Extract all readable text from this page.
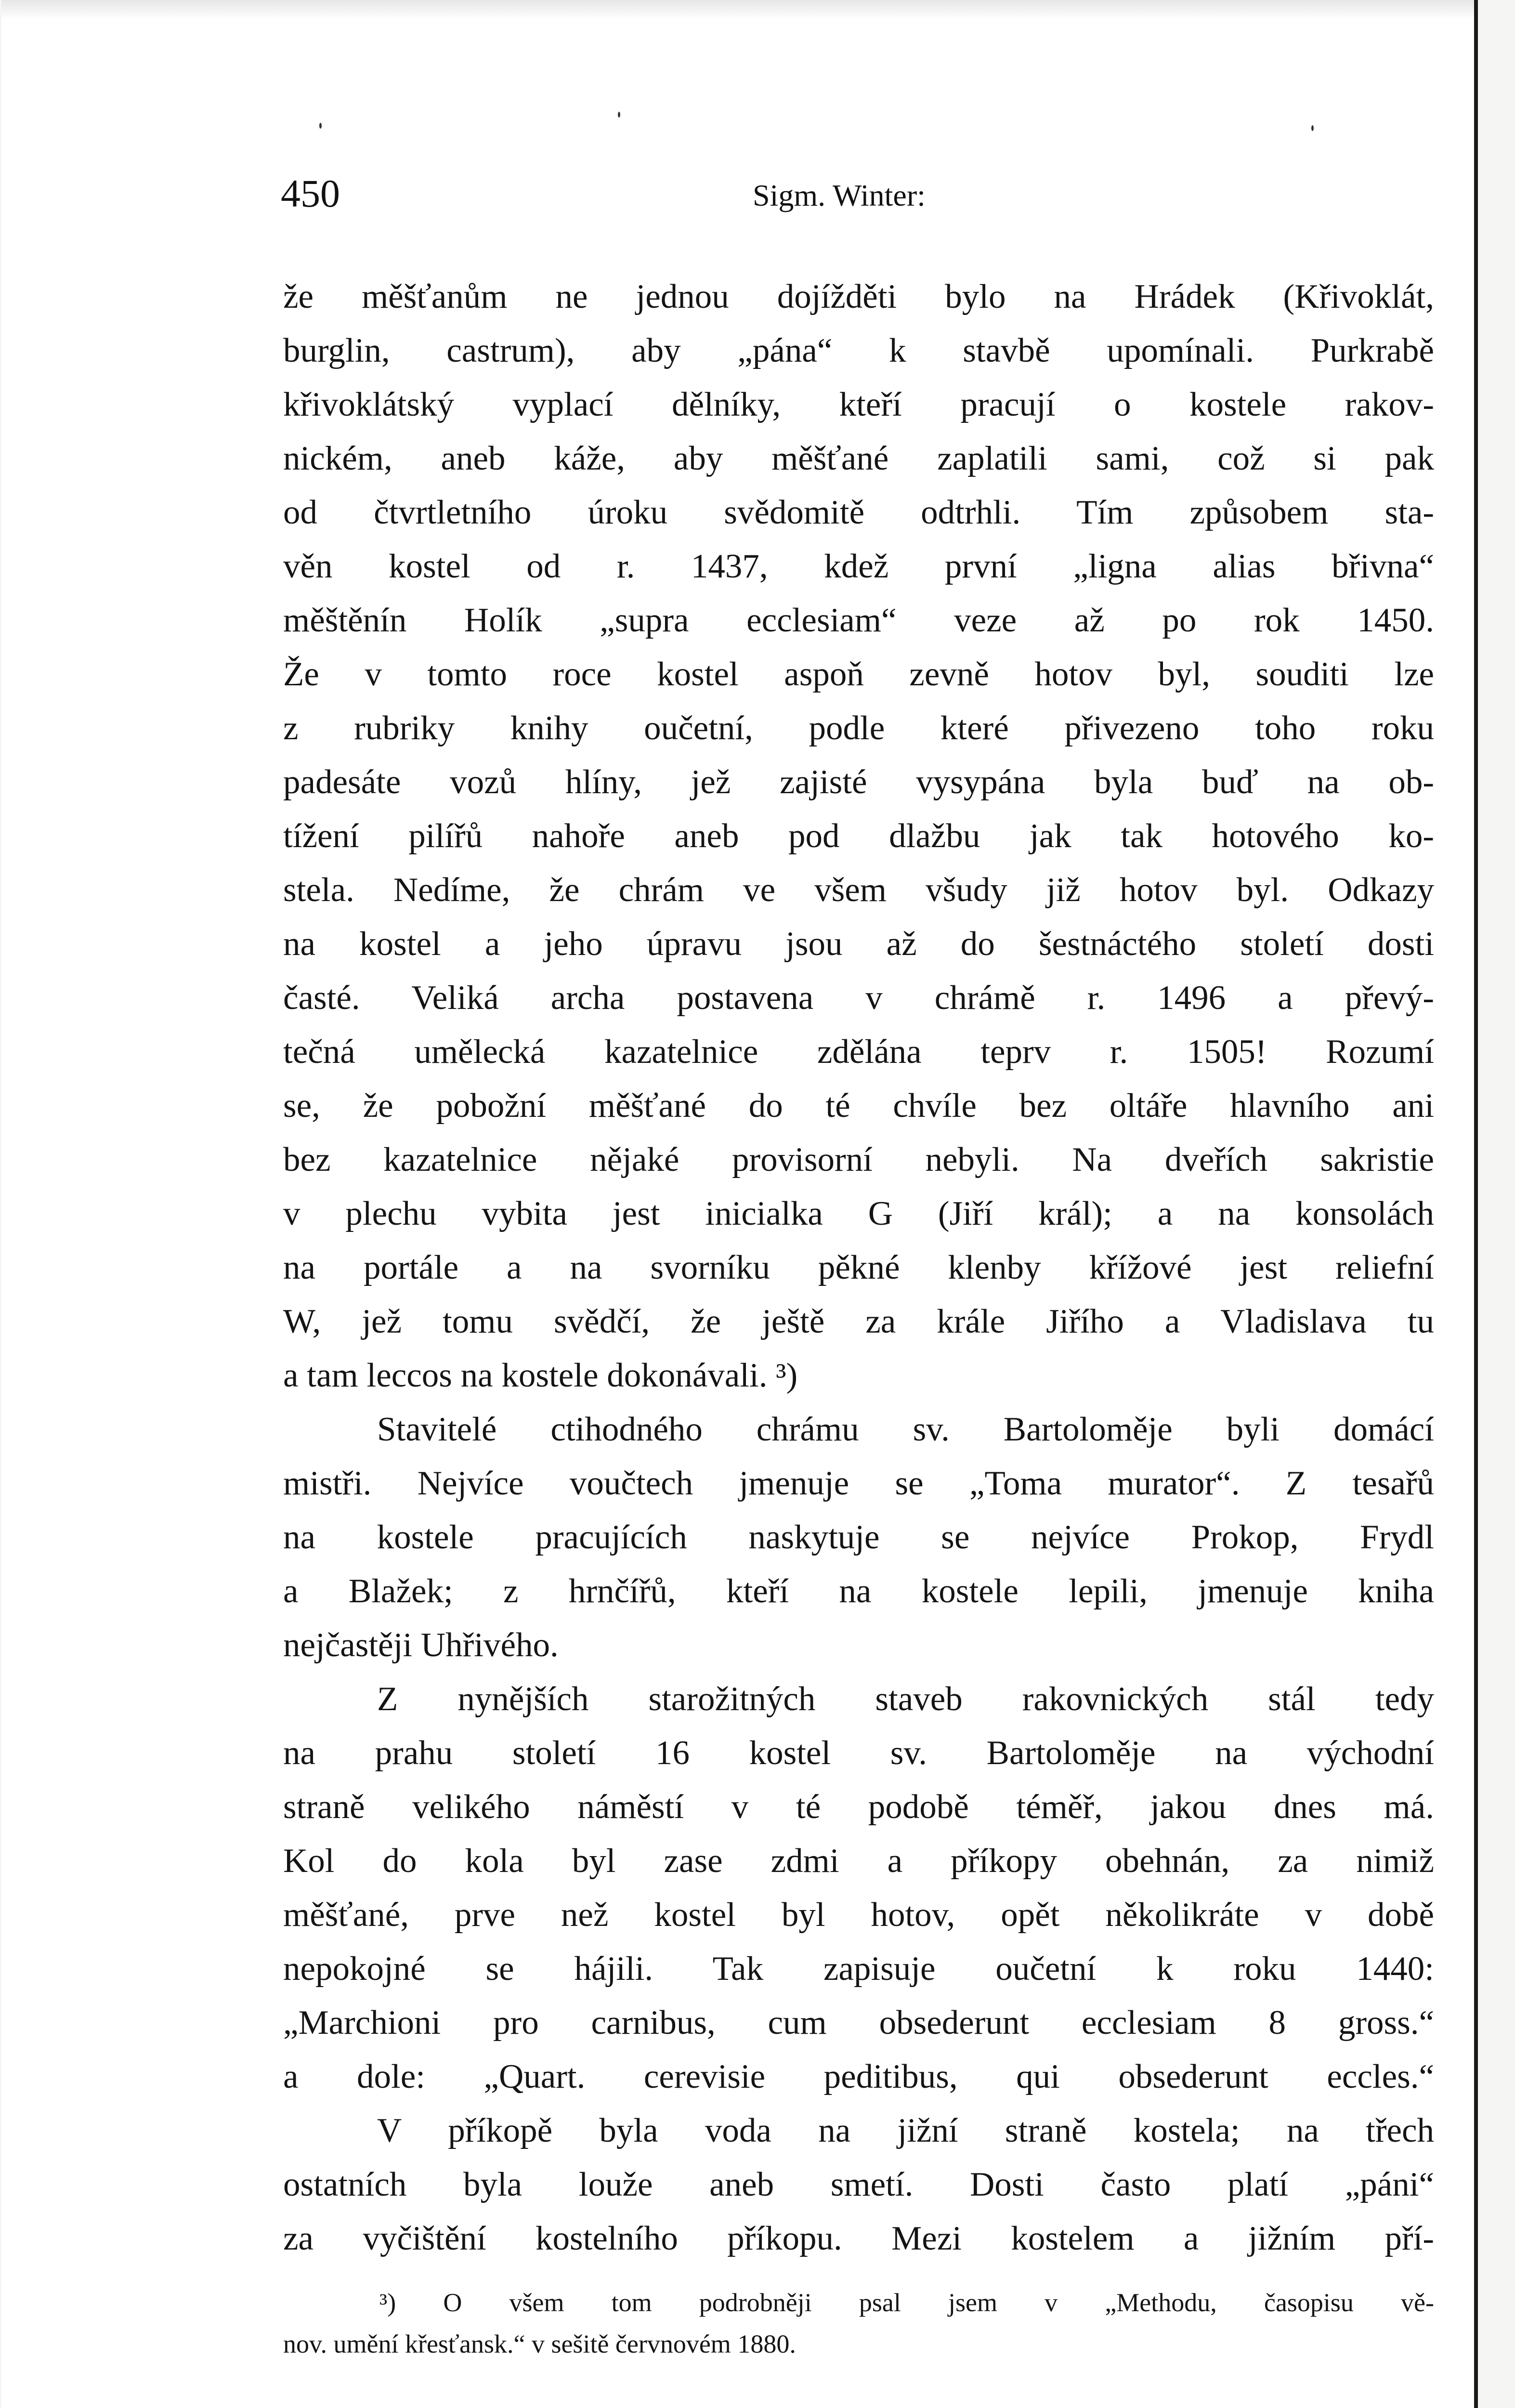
450	Sigm. Winter:
že měšťanům ne jednou dojížděti bylo na Hrádek (Křivoklát,
burglin, castrum), aby „pána“ k stavbě upomínali. Purkrabě
křivoklátský vyplací dělníky, kteří pracují o kostele rakov-
nickém, aneb káže, aby měšťané zaplatili sami, což si pak
od čtvrtletního úroku svědomitě odtrhli. Tím způsobem sta-
věn kostel od r. 1437, kdež první „ligna alias břivna“
měštěnín Holík „supra ecclesiam“ veze až po rok 1450.
Že v tomto roce kostel aspoň zevně hotov byl, souditi lze
z rubriky knihy oučetní, podle které přivezeno toho roku
padesáte vozů hlíny, jež zajisté vysypána byla buď na ob-
tížení pilířů nahoře aneb pod dlažbu jak tak hotového ko-
stela. Nedíme, že chrám ve všem všudy již hotov byl. Odkazy
na kostel a jeho úpravu jsou až do šestnáctého století dosti
časté. Veliká archa postavena v chrámě r. 1496 a převý-
tečná umělecká kazatelnice zdělána teprv r. 1505! Rozumí
se, že pobožní měšťané do té chvíle bez oltáře hlavního ani
bez kazatelnice nějaké provisorní nebyli. Na dveřích sakristie
v plechu vybita jest inicialka G (Jiří král); a na konsolách
na portále a na svorníku pěkné klenby křížové jest reliefní
W, jež tomu svědčí, že ještě za krále Jiřího a Vladislava tu
a tam leccos na kostele dokonávali. ³)
Stavitelé ctihodného chrámu sv. Bartoloměje byli domácí
mistři. Nejvíce voučtech jmenuje se „Toma murator“. Z tesařů
na kostele pracujících naskytuje se nejvíce Prokop, Frydl
a Blažek; z hrnčířů, kteří na kostele lepili, jmenuje kniha
nejčastěji Uhřivého.
Z nynějších starožitných staveb rakovnických stál tedy
na prahu století 16 kostel sv. Bartoloměje na východní
straně velikého náměstí v té podobě téměř, jakou dnes má.
Kol do kola byl zase zdmi a příkopy obehnán, za nimiž
měšťané, prve než kostel byl hotov, opět několikráte v době
nepokojné se hájili. Tak zapisuje oučetní k roku 1440:
„Marchioni pro carnibus, cum obsederunt ecclesiam 8 gross.“
a dole: „Quart. cerevisie peditibus, qui obsederunt eccles.“
V příkopě byla voda na jižní straně kostela; na třech
ostatních byla louže aneb smetí. Dosti často platí „páni“
za vyčištění kostelního příkopu. Mezi kostelem a jižním pří-
³) O všem tom podrobněji psal jsem v „Methodu, časopisu vě-
nov. umění křesťansk.“ v sešitě červnovém 1880.
